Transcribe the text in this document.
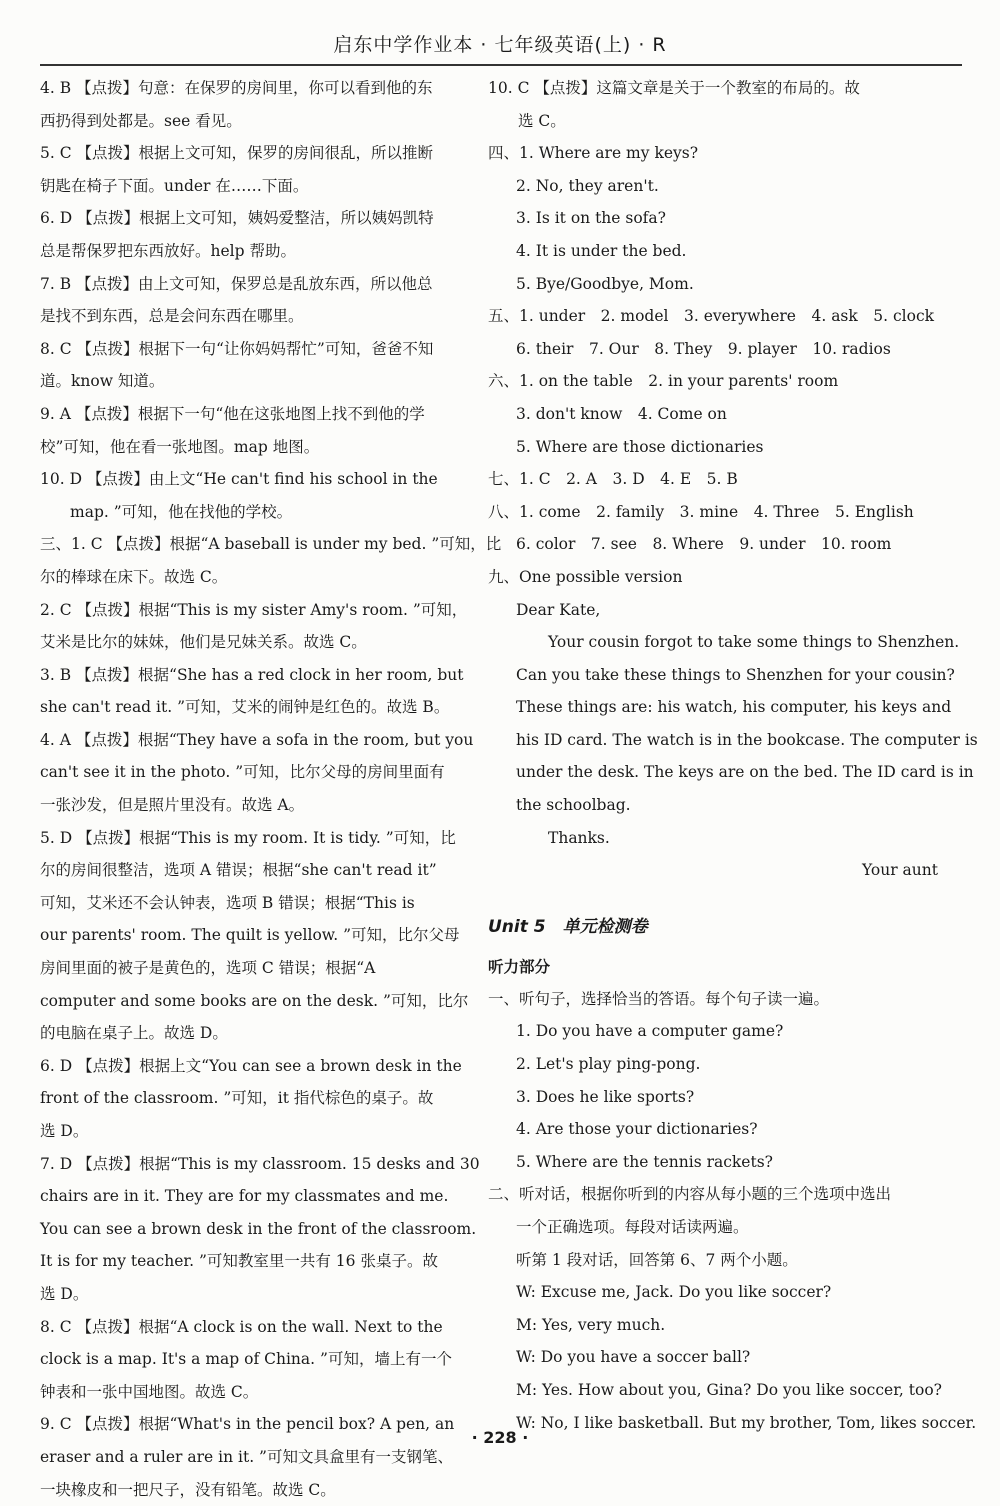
启东中学作业本 · 七年级英语(上) · R
4. B 【点拨】句意：在保罗的房间里，你可以看到他的东
西扔得到处都是。see 看见。
5. C 【点拨】根据上文可知，保罗的房间很乱，所以推断
钥匙在椅子下面。under 在……下面。
6. D 【点拨】根据上文可知，姨妈爱整洁，所以姨妈凯特
总是帮保罗把东西放好。help 帮助。
7. B 【点拨】由上文可知，保罗总是乱放东西，所以他总
是找不到东西，总是会问东西在哪里。
8. C 【点拨】根据下一句“让你妈妈帮忙”可知，爸爸不知
道。know 知道。
9. A 【点拨】根据下一句“他在这张地图上找不到他的学
校”可知，他在看一张地图。map 地图。
10. D 【点拨】由上文“He can't find his school in the
map. ”可知，他在找他的学校。
三、1. C 【点拨】根据“A baseball is under my bed. ”可知，比
尔的棒球在床下。故选 C。
2. C 【点拨】根据“This is my sister Amy's room. ”可知，
艾米是比尔的妹妹，他们是兄妹关系。故选 C。
3. B 【点拨】根据“She has a red clock in her room, but
she can't read it. ”可知，艾米的闹钟是红色的。故选 B。
4. A 【点拨】根据“They have a sofa in the room, but you
can't see it in the photo. ”可知，比尔父母的房间里面有
一张沙发，但是照片里没有。故选 A。
5. D 【点拨】根据“This is my room. It is tidy. ”可知，比
尔的房间很整洁，选项 A 错误；根据“she can't read it”
可知，艾米还不会认钟表，选项 B 错误；根据“This is
our parents' room. The quilt is yellow. ”可知，比尔父母
房间里面的被子是黄色的，选项 C 错误；根据“A
computer and some books are on the desk. ”可知，比尔
的电脑在桌子上。故选 D。
6. D 【点拨】根据上文“You can see a brown desk in the
front of the classroom. ”可知，it 指代棕色的桌子。故
选 D。
7. D 【点拨】根据“This is my classroom. 15 desks and 30
chairs are in it. They are for my classmates and me.
You can see a brown desk in the front of the classroom.
It is for my teacher. ”可知教室里一共有 16 张桌子。故
选 D。
8. C 【点拨】根据“A clock is on the wall. Next to the
clock is a map. It's a map of China. ”可知，墙上有一个
钟表和一张中国地图。故选 C。
9. C 【点拨】根据“What's in the pencil box? A pen, an
eraser and a ruler are in it. ”可知文具盒里有一支钢笔、
一块橡皮和一把尺子，没有铅笔。故选 C。
10. C 【点拨】这篇文章是关于一个教室的布局的。故
选 C。
四、1. Where are my keys?
2. No, they aren't.
3. Is it on the sofa?
4. It is under the bed.
5. Bye/Goodbye, Mom.
五、1. under　2. model　3. everywhere　4. ask　5. clock
6. their　7. Our　8. They　9. player　10. radios
六、1. on the table　2. in your parents' room
3. don't know　4. Come on
5. Where are those dictionaries
七、1. C　2. A　3. D　4. E　5. B
八、1. come　2. family　3. mine　4. Three　5. English
6. color　7. see　8. Where　9. under　10. room
九、One possible version
Dear Kate,
Your cousin forgot to take some things to Shenzhen.
Can you take these things to Shenzhen for your cousin?
These things are: his watch, his computer, his keys and
his ID card. The watch is in the bookcase. The computer is
under the desk. The keys are on the bed. The ID card is in
the schoolbag.
Thanks.
Your aunt
Unit 5　单元检测卷
听力部分
一、听句子，选择恰当的答语。每个句子读一遍。
1. Do you have a computer game?
2. Let's play ping-pong.
3. Does he like sports?
4. Are those your dictionaries?
5. Where are the tennis rackets?
二、听对话，根据你听到的内容从每小题的三个选项中选出
一个正确选项。每段对话读两遍。
听第 1 段对话，回答第 6、7 两个小题。
W: Excuse me, Jack. Do you like soccer?
M: Yes, very much.
W: Do you have a soccer ball?
M: Yes. How about you, Gina? Do you like soccer, too?
W: No, I like basketball. But my brother, Tom, likes soccer.
· 228 ·
